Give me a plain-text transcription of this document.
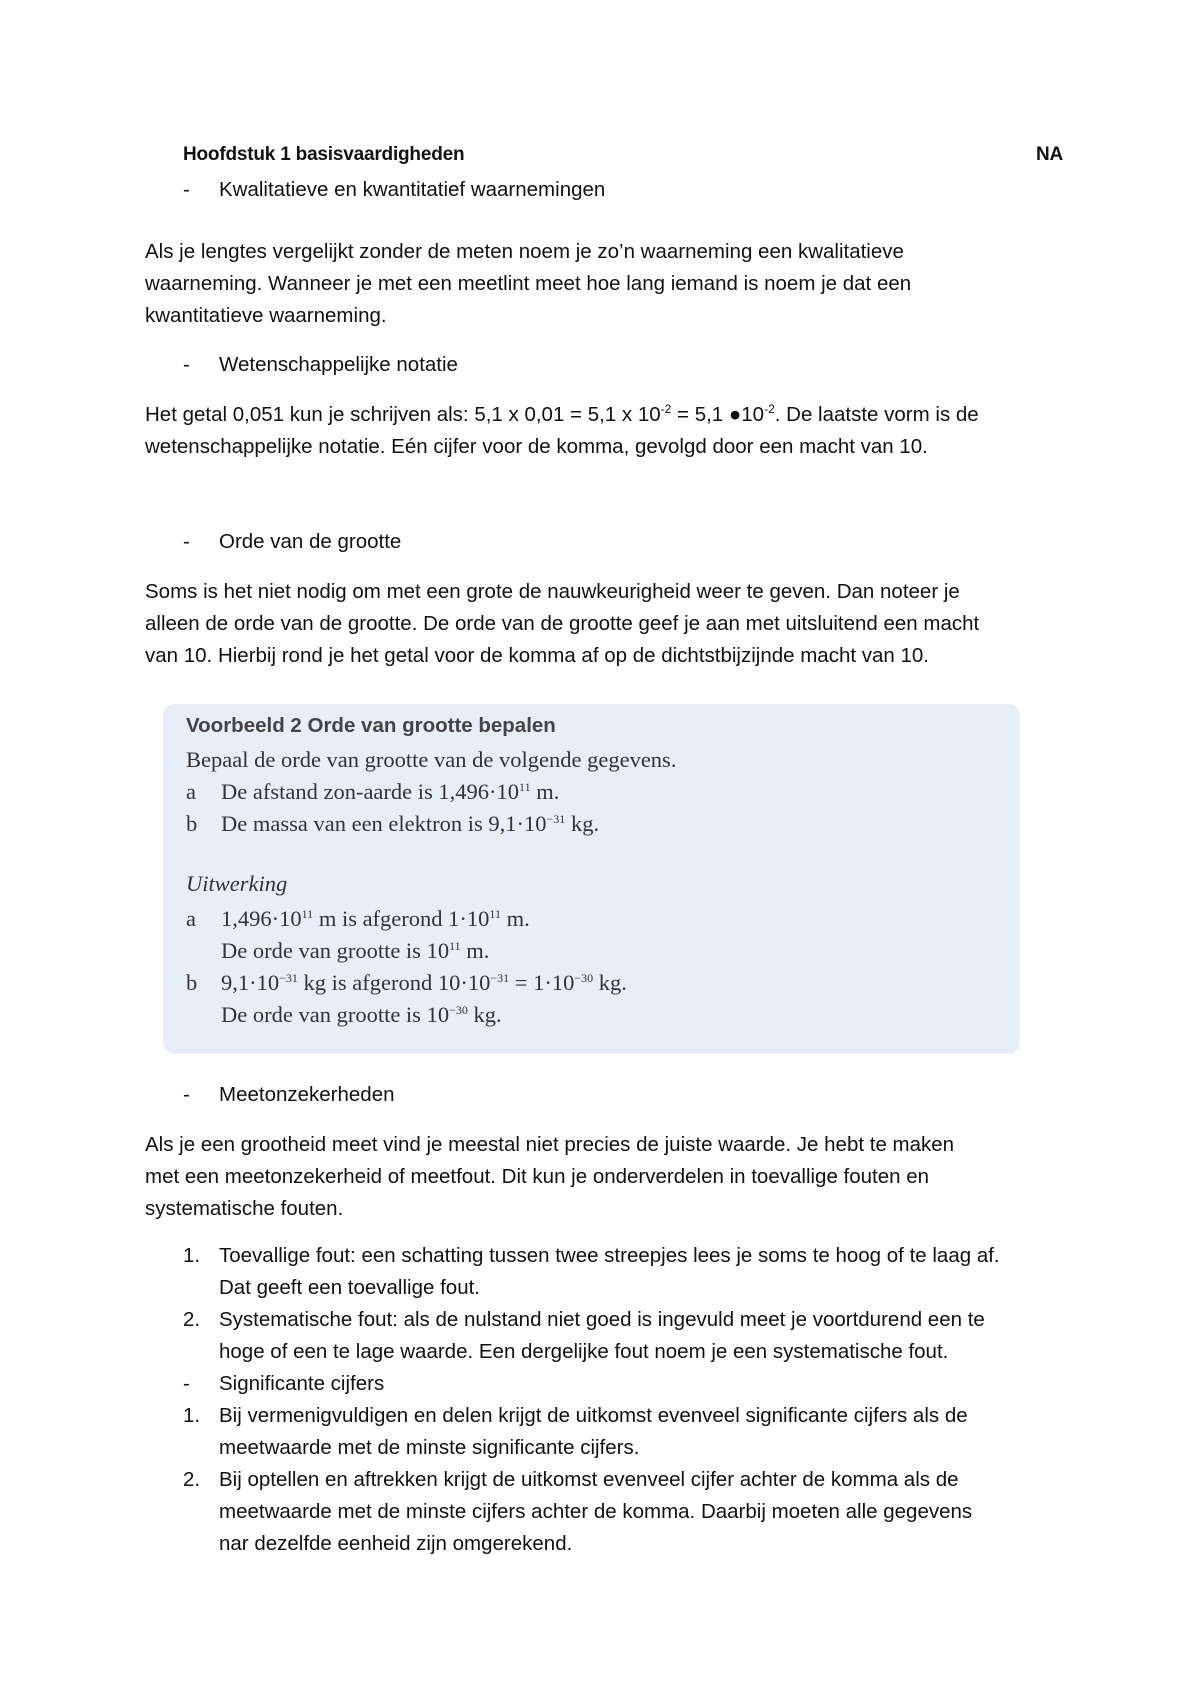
Hoofdstuk 1 basisvaardigheden	NA
- Kwalitatieve en kwantitatief waarnemingen
Als je lengtes vergelijkt zonder de meten noem je zo’n waarneming een kwalitatieve
waarneming. Wanneer je met een meetlint meet hoe lang iemand is noem je dat een
kwantitatieve waarneming.
- Wetenschappelijke notatie
Het getal 0,051 kun je schrijven als: 5,1 x 0,01 = 5,1 x $10^{-2} = 5,1$ $●10^{-2}$. De laatste vorm is de
wetenschappelijke notatie. Eén cijfer voor de komma, gevolgd door een macht van 10.
- Orde van de grootte
Soms is het niet nodig om met een grote de nauwkeurigheid weer te geven. Dan noteer je
alleen de orde van de grootte. De orde van de grootte geef je aan met uitsluitend een macht
van 10. Hierbij rond je het getal voor de komma af op de dichtstbijzijnde macht van 10.
Voorbeeld 2 Orde van grootte bepalen
Bepaal de orde van grootte van de volgende gegevens.
a De afstand zon-aarde is $1,496\cdot 10^{11}$ m.
b De massa van een elektron is $9,1\cdot 10^{-31}$ kg.
Uitwerking
a $1,496\cdot 10^{11}$ m is afgerond $1\cdot 10^{11}$ m.
De orde van grootte is $10^{11}$ m.
b $9,1\cdot 10^{-31}$ kg is afgerond $10\cdot 10^{-31} = 1\cdot 10^{-30}$ kg.
De orde van grootte is $10^{-30}$ kg.
- Meetonzekerheden
Als je een grootheid meet vind je meestal niet precies de juiste waarde. Je hebt te maken
met een meetonzekerheid of meetfout. Dit kun je onderverdelen in toevallige fouten en
systematische fouten.
1. Toevallige fout: een schatting tussen twee streepjes lees je soms te hoog of te laag af.
Dat geeft een toevallige fout.
2. Systematische fout: als de nulstand niet goed is ingevuld meet je voortdurend een te
hoge of een te lage waarde. Een dergelijke fout noem je een systematische fout.
-	Significante cijfers
1. Bij vermenigvuldigen en delen krijgt de uitkomst evenveel significante cijfers als de
meetwaarde met de minste significante cijfers.
2. Bij optellen en aftrekken krijgt de uitkomst evenveel cijfer achter de komma als de
meetwaarde met de minste cijfers achter de komma. Daarbij moeten alle gegevens
nar dezelfde eenheid zijn omgerekend.
